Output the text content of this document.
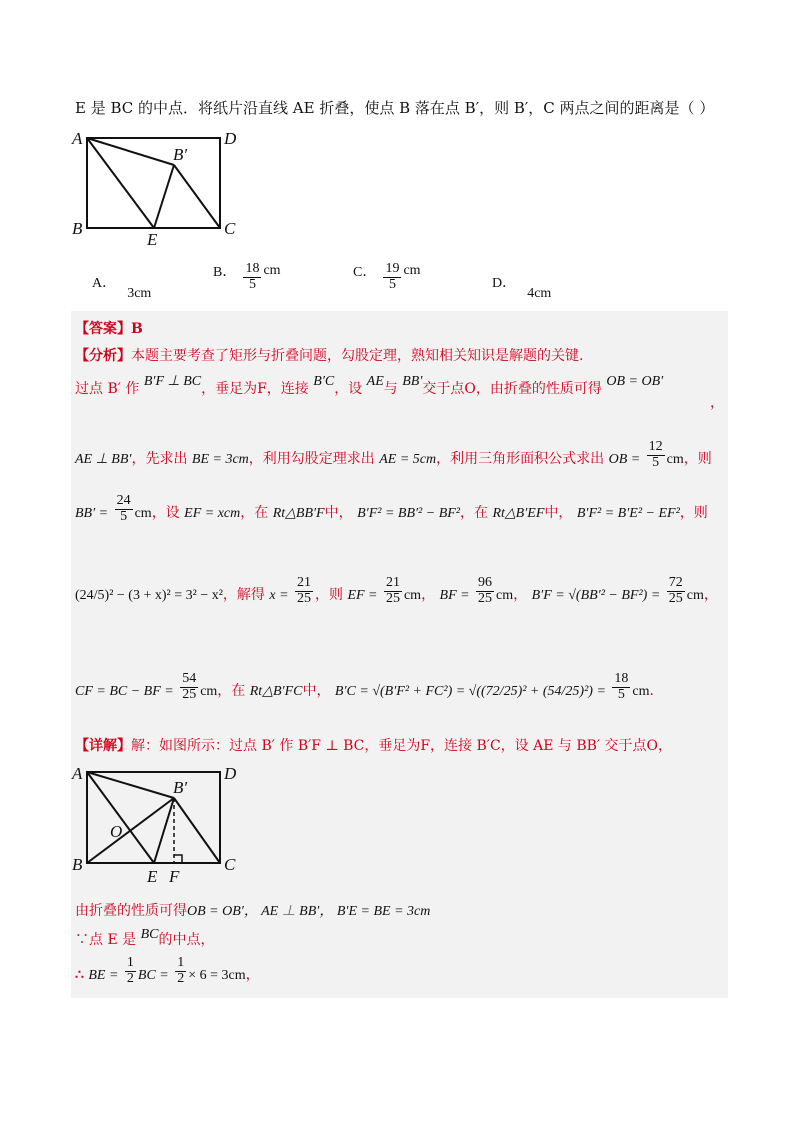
E 是 BC 的中点．将纸片沿直线 AE 折叠，使点 B 落在点 B′，则 B′，C 两点之间的距离是（ ）
A	D
B	C
E
B′
A． 3cm
B． $\frac{18}{5}$ cm	C． $\frac{19}{5}$ cm
D． 4cm
【答案】B
【分析】本题主要考查了矩形与折叠问题，勾股定理，熟知相关知识是解题的关键.
过点 B′ 作 B′F ⊥ BC，垂足为F，连接 B′C，设 AE与 BB′交于点O，由折叠的性质可得 OB = OB′
，
AE ⊥ BB′，先求出 BE = 3cm，利用勾股定理求出 AE = 5cm，利用三角形面积公式求出 OB = $\frac{12}{5}$ cm，则
$BB' = \frac{24}{5}$ cm，设 EF = xcm，在 Rt△BB′F中， B′F² = BB′² − BF²，在 Rt△B′EF中， B′F² = B′E² − EF²，则
(24/5)² − (3 + x)² = 3² − x²，解得 $x = \frac{21}{25}$ ，则 EF = $\frac{21}{25}$ cm， BF = $\frac{96}{25}$ cm， $B'F = √(BB'^2 - BF^2) = \frac{72}{25}$ cm，
CF = BC − BF = $\frac{54}{25}$ cm，在 Rt△B′FC中， $B'C = √(B'F^2 + FC^2) = √((72/25)^2 + (54/25)^2) = \frac{18}{5}$ cm.
【详解】解：如图所示：过点 B′ 作 B′F ⊥ BC，垂足为F，连接 B′C，设 AE 与 BB′ 交于点O，
A	D
B	C
E F
O
B′
由折叠的性质可得OB = OB′， AE ⊥ BB′， B′E = BE = 3cm
∵点 E 是 BC的中点，
∴ BE = $\frac{1}{2}$ BC = $\frac{1}{2} \times 6 = 3cm$，
